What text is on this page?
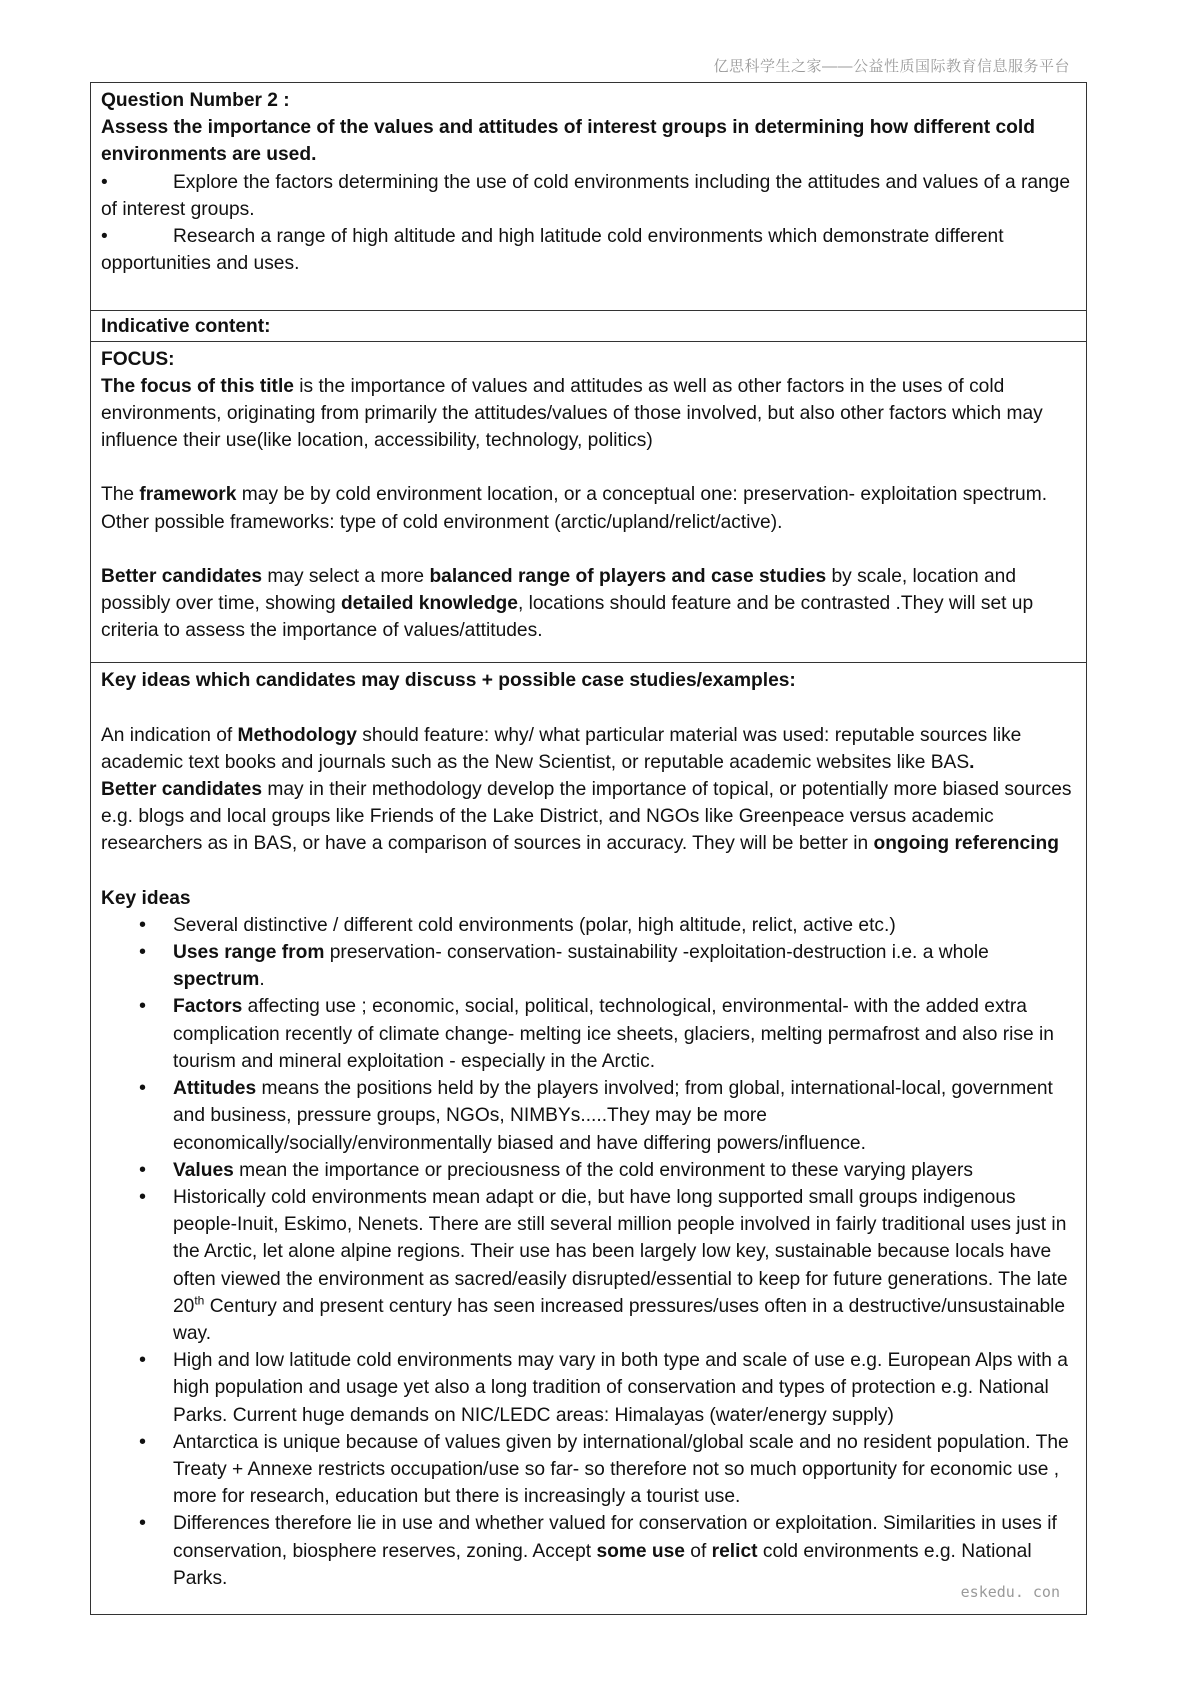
亿思科学生之家——公益性质国际教育信息服务平台

Question Number 2 :

Assess the importance of the values and attitudes of interest groups in determining how different cold environments are used.

•	Explore the factors determining the use of cold environments including the attitudes and values of a range of interest groups.

•	Research a range of high altitude and high latitude cold environments which demonstrate different opportunities and uses.

Indicative content:

FOCUS:

The focus of this title is the importance of values and attitudes as well as other factors in the uses of cold environments, originating from primarily the attitudes/values of those involved, but also other factors which may influence their use(like location, accessibility, technology, politics)

The framework may be by cold environment location, or a conceptual one: preservation- exploitation spectrum. Other possible frameworks: type of cold environment (arctic/upland/relict/active).

Better candidates may select a more balanced range of players and case studies by scale, location and possibly over time, showing detailed knowledge, locations should feature and be contrasted .They will set up criteria to assess the importance of values/attitudes.

Key ideas which candidates may discuss + possible case studies/examples:

An indication of Methodology should feature: why/ what particular material was used: reputable sources like academic text books and journals such as the New Scientist, or reputable academic websites like BAS.
Better candidates may in their methodology develop the importance of topical, or potentially more biased sources e.g. blogs and local groups like Friends of the Lake District, and NGOs like Greenpeace versus academic researchers as in BAS, or have a comparison of sources in accuracy. They will be better in ongoing referencing

Key ideas

• Several distinctive / different cold environments (polar, high altitude, relict, active etc.)
• Uses range from preservation- conservation- sustainability -exploitation-destruction i.e. a whole spectrum.
• Factors affecting use ; economic, social, political, technological, environmental- with the added extra complication recently of climate change- melting ice sheets, glaciers, melting permafrost and also rise in tourism and mineral exploitation - especially in the Arctic.
• Attitudes means the positions held by the players involved; from global, international-local, government and business, pressure groups, NGOs, NIMBYs.....They may be more economically/socially/environmentally biased and have differing powers/influence.
• Values mean the importance or preciousness of the cold environment to these varying players
• Historically cold environments mean adapt or die, but have long supported small groups indigenous people-Inuit, Eskimo, Nenets. There are still several million people involved in fairly traditional uses just in the Arctic, let alone alpine regions. Their use has been largely low key, sustainable because locals have often viewed the environment as sacred/easily disrupted/essential to keep for future generations. The late 20th Century and present century has seen increased pressures/uses often in a destructive/unsustainable way.
• High and low latitude cold environments may vary in both type and scale of use e.g. European Alps with a high population and usage yet also a long tradition of conservation and types of protection e.g. National Parks. Current huge demands on NIC/LEDC areas: Himalayas (water/energy supply)
• Antarctica is unique because of values given by international/global scale and no resident population. The Treaty + Annexe restricts occupation/use so far- so therefore not so much opportunity for economic use , more for research, education but there is increasingly a tourist use.
• Differences therefore lie in use and whether valued for conservation or exploitation. Similarities in uses if conservation, biosphere reserves, zoning. Accept some use of relict cold environments e.g. National Parks.
eskedu. con
